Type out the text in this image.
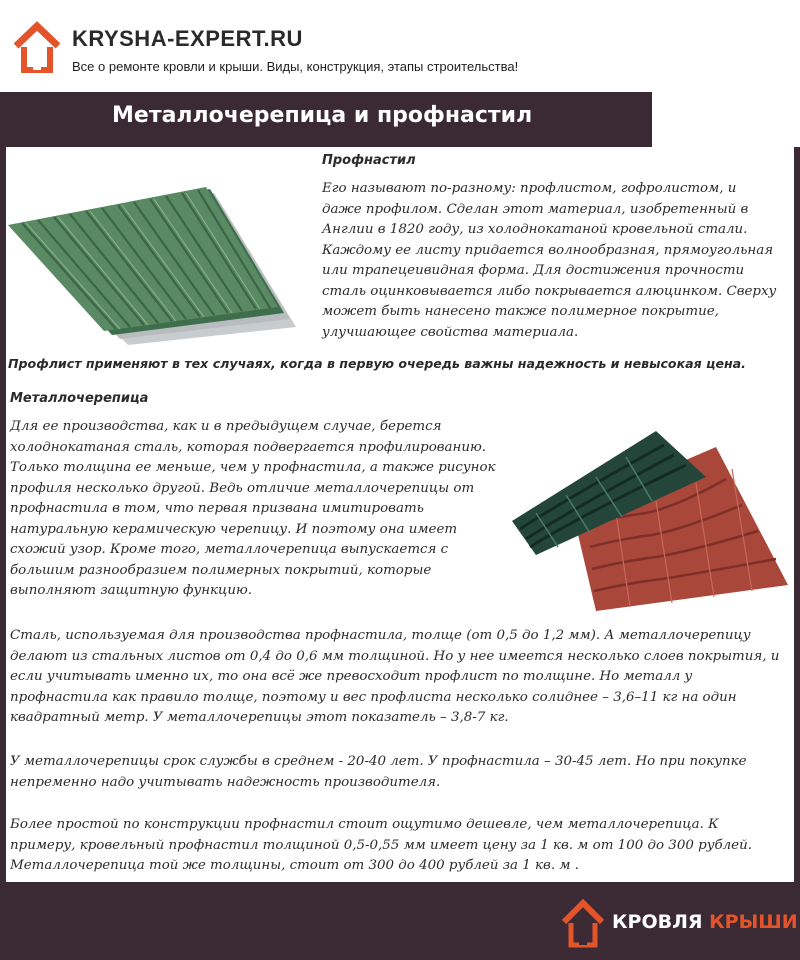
KRYSHA-EXPERT.RU
Все о ремонте кровли и крыши. Виды, конструкция, этапы строительства!
Металлочерепица и профнастил
Профнастил
Его называют по-разному: профлистом, гофролистом, и даже профилом. Сделан этот материал, изобретенный в Англии в 1820 году, из холоднокатаной кровельной стали. Каждому ее листу придается волнообразная, прямоугольная или трапецеивидная форма. Для достижения прочности сталь оцинковывается либо покрывается алюцинком. Сверху может быть нанесено также полимерное покрытие, улучшающее свойства материала.
Профлист применяют в тех случаях, когда в первую очередь важны надежность и невысокая цена.
Металлочерепица
Для ее производства, как и в предыдущем случае, берется холоднокатаная сталь, которая подвергается профилированию. Только толщина ее меньше, чем у профнастила, а также рисунок профиля несколько другой. Ведь отличие металлочерепицы от профнастила в том, что первая призвана имитировать натуральную керамическую черепицу. И поэтому она имеет схожий узор. Кроме того, металлочерепица выпускается с большим разнообразием полимерных покрытий, которые выполняют защитную функцию.
Сталь, используемая для производства профнастила, толще (от 0,5 до 1,2 мм). А металлочерепицу делают из стальных листов от 0,4 до 0,6 мм толщиной. Но у нее имеется несколько слоев покрытия, и если учитывать именно их, то она всё же превосходит профлист по толщине. Но металл у профнастила как правило толще, поэтому и вес профлиста несколько солиднее – 3,6–11 кг на один квадратный метр. У металлочерепицы этот показатель – 3,8-7 кг.
У металлочерепицы срок службы в среднем - 20-40 лет. У профнастила – 30-45 лет. Но при покупке непременно надо учитывать надежность производителя.
Более простой по конструкции профнастил стоит ощутимо дешевле, чем металлочерепица. К примеру, кровельный профнастил толщиной 0,5-0,55 мм имеет цену за 1 кв. м от 100 до 300 рублей. Металлочерепица той же толщины, стоит от 300 до 400 рублей за 1 кв. м .
КРОВЛЯ КРЫШИ
